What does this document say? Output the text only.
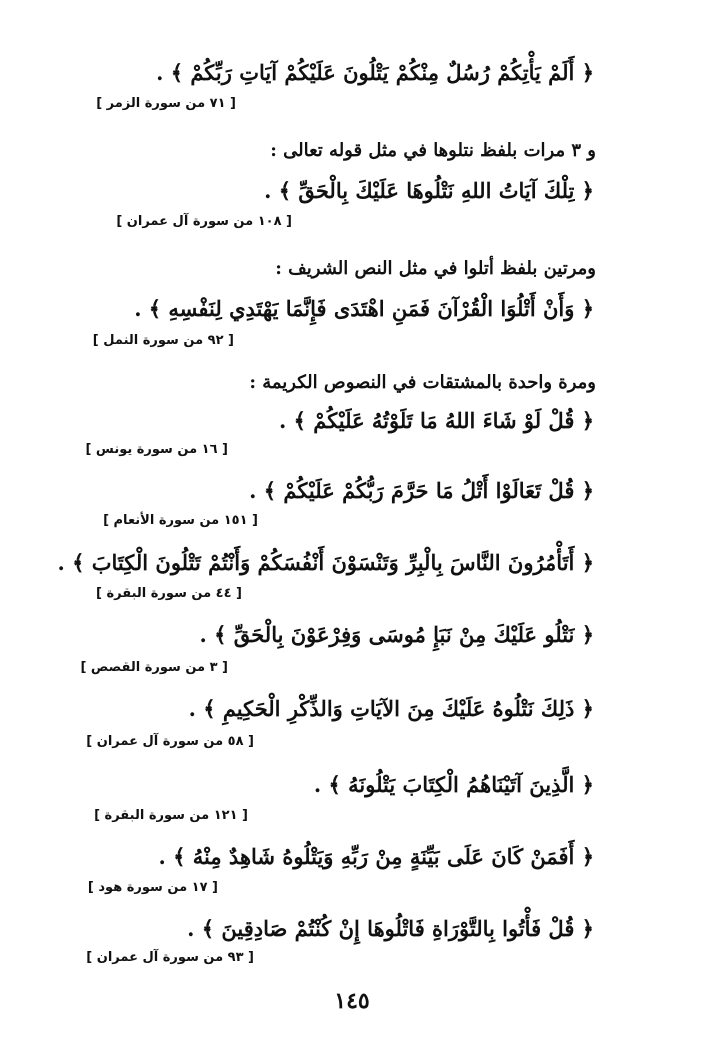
﴿ أَلَمْ يَأْتِكُمْ رُسُلٌ مِنْكُمْ يَتْلُونَ عَلَيْكُمْ آيَاتِ رَبِّكُمْ ﴾ .
[ ٧١ من سورة الزمر ]
و ٣ مرات بلفظ نتلوها في مثل قوله تعالى :
﴿ تِلْكَ آيَاتُ اللهِ نَتْلُوهَا عَلَيْكَ بِالْحَقِّ ﴾ .
[ ١٠٨ من سورة آل عمران ]
ومرتين بلفظ أتلوا في مثل النص الشريف :
﴿ وَأَنْ أَتْلُوَا الْقُرْآنَ فَمَنِ اهْتَدَى فَإِنَّمَا يَهْتَدِي لِنَفْسِهِ ﴾ .
[ ٩٢ من سورة النمل ]
ومرة واحدة بالمشتقات في النصوص الكريمة :
﴿ قُلْ لَوْ شَاءَ اللهُ مَا تَلَوْتُهُ عَلَيْكُمْ ﴾ .
[ ١٦ من سورة يونس ]
﴿ قُلْ تَعَالَوْا أَتْلُ مَا حَرَّمَ رَبُّكُمْ عَلَيْكُمْ ﴾ .
[ ١٥١ من سورة الأنعام ]
﴿ أَتَأْمُرُونَ النَّاسَ بِالْبِرِّ وَتَنْسَوْنَ أَنْفُسَكُمْ وَأَنْتُمْ تَتْلُونَ الْكِتَابَ ﴾ .
[ ٤٤ من سورة البقرة ]
﴿ نَتْلُو عَلَيْكَ مِنْ نَبَإِ مُوسَى وَفِرْعَوْنَ بِالْحَقِّ ﴾ .
[ ٣ من سورة القصص ]
﴿ ذَلِكَ نَتْلُوهُ عَلَيْكَ مِنَ الآيَاتِ وَالذِّكْرِ الْحَكِيمِ ﴾ .
[ ٥٨ من سورة آل عمران ]
﴿ الَّذِينَ آتَيْنَاهُمُ الْكِتَابَ يَتْلُونَهُ ﴾ .
[ ١٢١ من سورة البقرة ]
﴿ أَفَمَنْ كَانَ عَلَى بَيِّنَةٍ مِنْ رَبِّهِ وَيَتْلُوهُ شَاهِدٌ مِنْهُ ﴾ .
[ ١٧ من سورة هود ]
﴿ قُلْ فَأْتُوا بِالتَّوْرَاةِ فَاتْلُوهَا إِنْ كُنْتُمْ صَادِقِينَ ﴾ .
[ ٩٣ من سورة آل عمران ]
١٤٥
